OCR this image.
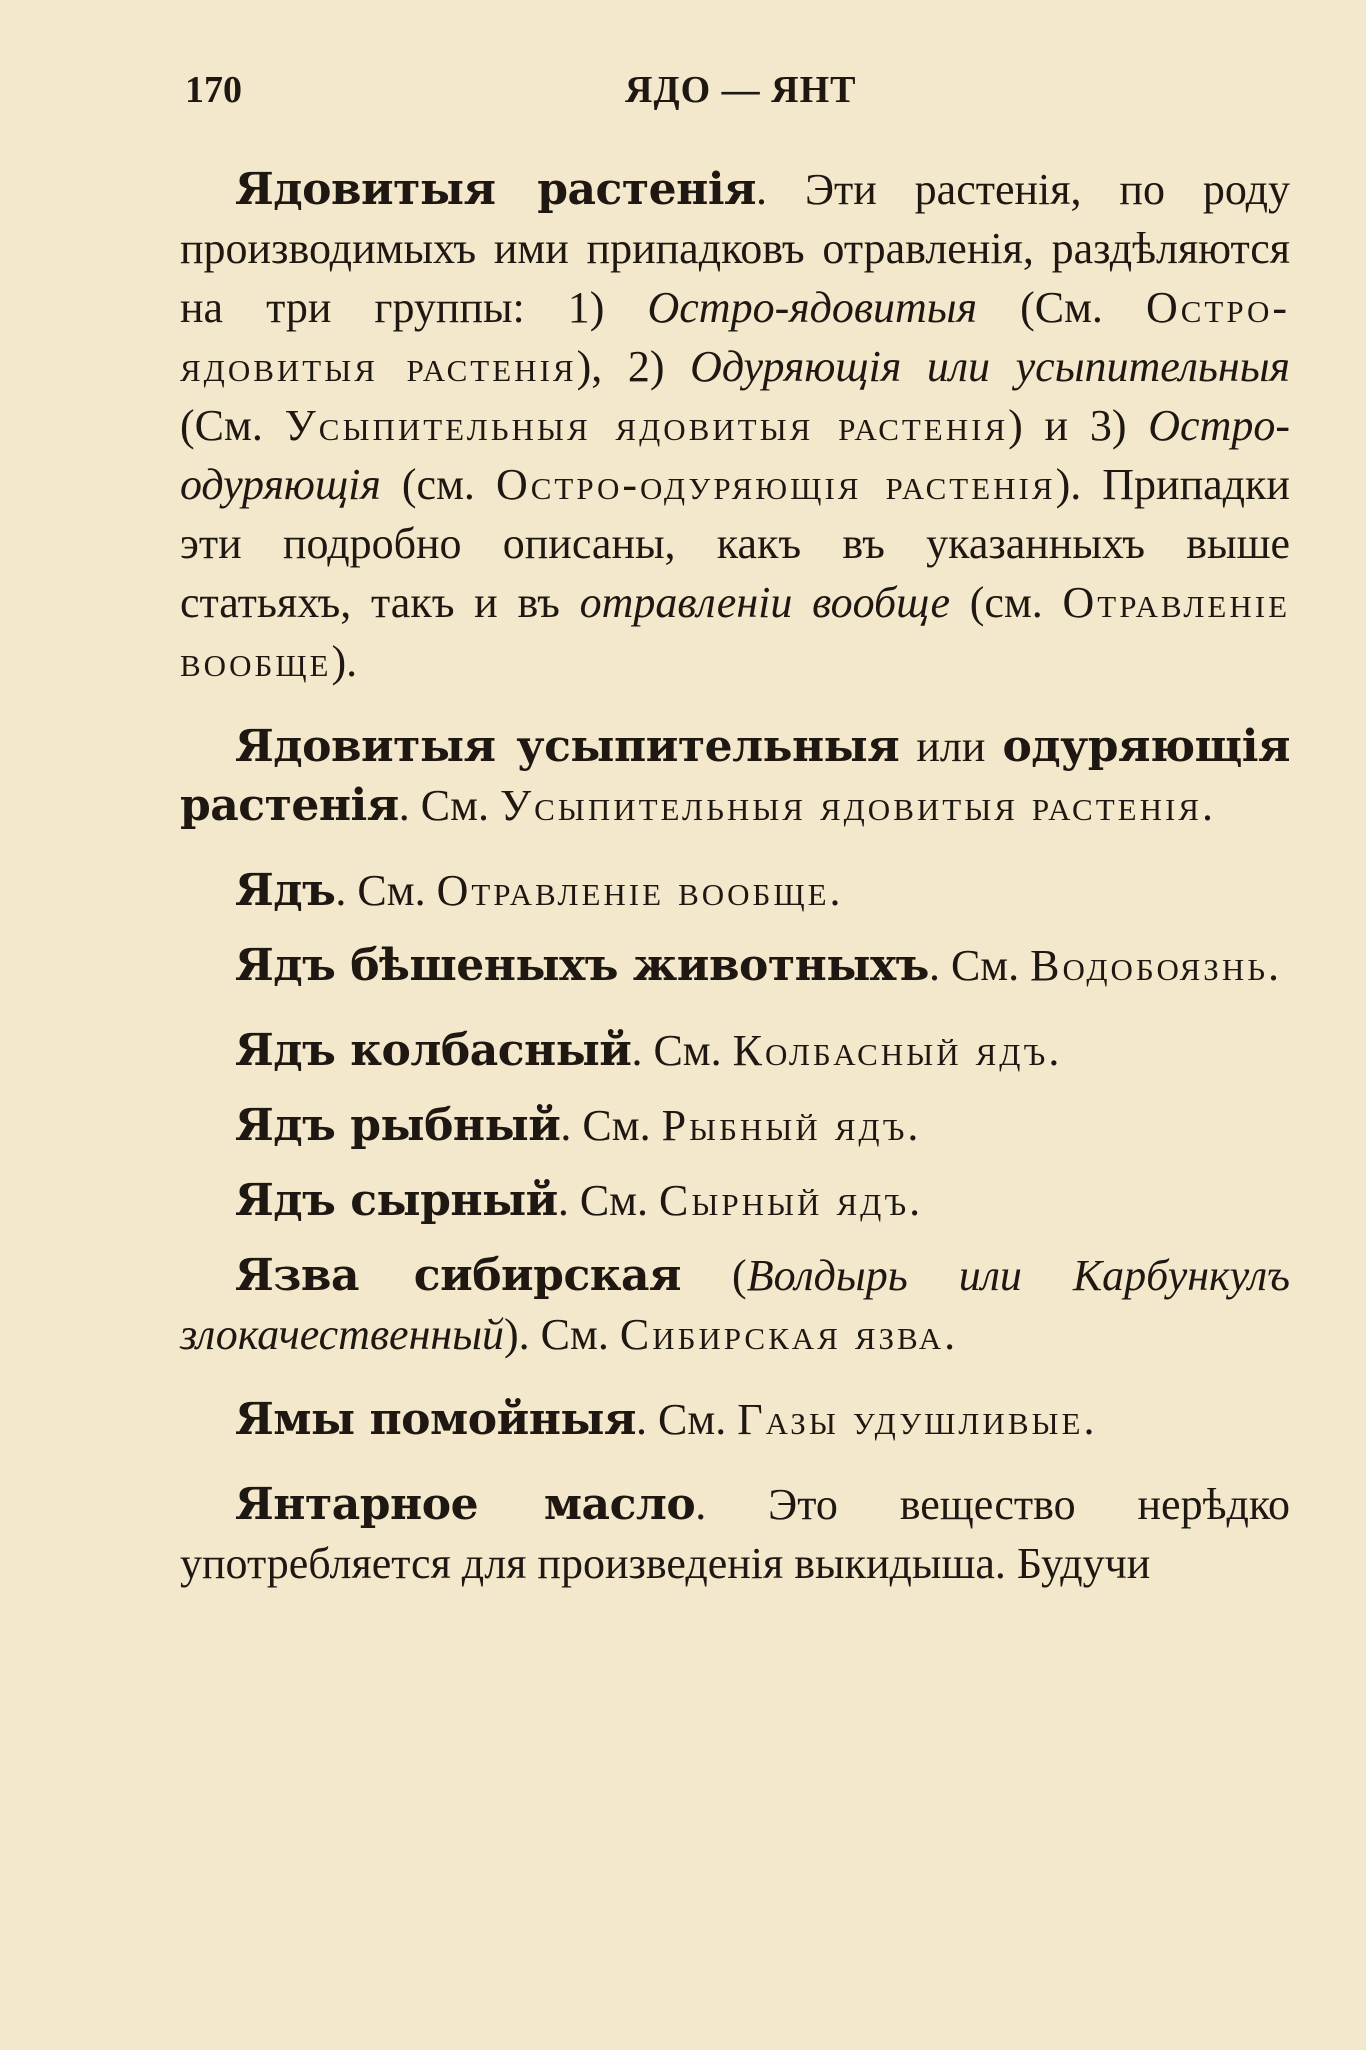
170	ЯДО — ЯНТ

Ядовитыя растенія. Эти растенія, по роду производимыхъ ими припадковъ отравленія, раздѣляются на три группы: 1) Остро-ядовитыя (См. Остро-ядовитыя растенія), 2) Одуряющія или усыпительныя (См. Усыпительныя ядовитыя растенія) и 3) Остро-одуряющія (см. Остро-одуряющія растенія). Припадки эти подробно описаны, какъ въ указанныхъ выше статьяхъ, такъ и въ отравленіи вообще (см. Отравленіе вообще).

Ядовитыя усыпительныя или одуряющія растенія. См. Усыпительныя ядовитыя растенія.

Ядъ. См. Отравленіе вообще.

Ядъ бѣшеныхъ животныхъ. См. Водобоязнь.

Ядъ колбасный. См. Колбасный ядъ.

Ядъ рыбный. См. Рыбный ядъ.

Ядъ сырный. См. Сырный ядъ.

Язва сибирская (Волдырь или Карбункулъ злокачественный). См. Сибирская язва.

Ямы помойныя. См. Газы удушливые.

Янтарное масло. Это вещество нерѣдко употребляется для произведенія выкидыша. Будучи
